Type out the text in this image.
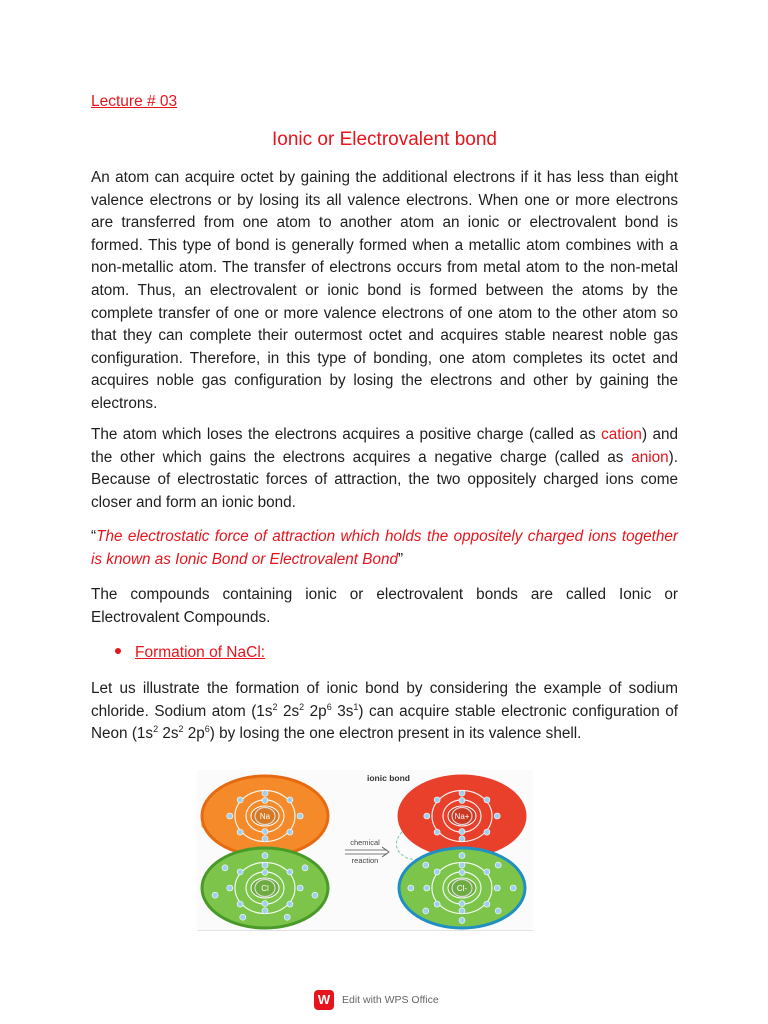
Lecture # 03
Ionic or Electrovalent bond

An atom can acquire octet by gaining the additional electrons if it has less than eight valence electrons or by losing its all valence electrons. When one or more electrons are transferred from one atom to another atom an ionic or electrovalent bond is formed. This type of bond is generally formed when a metallic atom combines with a non-metallic atom. The transfer of electrons occurs from metal atom to the non-metal atom. Thus, an electrovalent or ionic bond is formed between the atoms by the complete transfer of one or more valence electrons of one atom to the other atom so that they can complete their outermost octet and acquires stable nearest noble gas configuration. Therefore, in this type of bonding, one atom completes its octet and acquires noble gas configuration by losing the electrons and other by gaining the electrons.

The atom which loses the electrons acquires a positive charge (called as cation) and the other which gains the electrons acquires a negative charge (called as anion). Because of electrostatic forces of attraction, the two oppositely charged ions come closer and form an ionic bond.

“The electrostatic force of attraction which holds the oppositely charged ions together is known as Ionic Bond or Electrovalent Bond”

The compounds containing ionic or electrovalent bonds are called Ionic or Electrovalent Compounds.

Formation of NaCl:

Let us illustrate the formation of ionic bond by considering the example of sodium chloride. Sodium atom ($1s^2$ $2s^2$ $2p^6$ $3s^1$) can acquire stable electronic configuration of Neon ($1s^2$ $2s^2$ $2p^6$) by losing the one electron present in its valence shell.

ionic bond
chemical
reaction
Na	Na+
Cl	Cl-
W Edit with WPS Office
